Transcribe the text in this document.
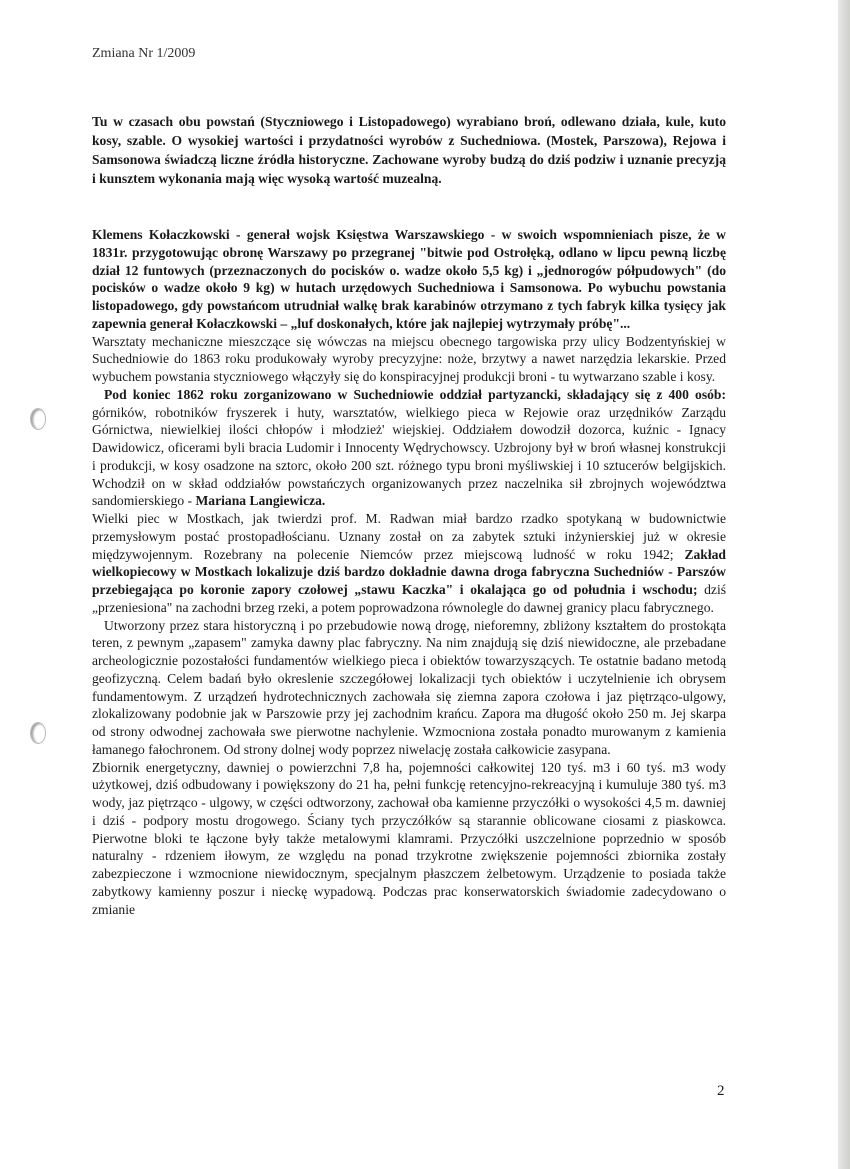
Zmiana Nr 1/2009
Tu w czasach obu powstań (Styczniowego i Listopadowego) wyrabiano broń, odlewano działa, kule, kuto kosy, szable. O wysokiej wartości i przydatności wyrobów z Suchedniowa. (Mostek, Parszowa), Rejowa i Samsonowa świadczą liczne źródła historyczne. Zachowane wyroby budzą do dziś podziw i uznanie precyzją i kunsztem wykonania mają więc wysoką wartość muzealną.

Klemens Kołaczkowski - generał wojsk Księstwa Warszawskiego - w swoich wspomnieniach pisze, że w 1831r. przygotowując obronę Warszawy po przegranej "bitwie pod Ostrołęką, odlano w lipcu pewną liczbę dział 12 funtowych (przeznaczonych do pocisków o. wadze około 5,5 kg) i „jednorogów półpudowych" (do pocisków o wadze około 9 kg) w hutach urzędowych Suchedniowa i Samsonowa. Po wybuchu powstania listopadowego, gdy powstańcom utrudniał walkę brak karabinów otrzymano z tych fabryk kilka tysięcy jak zapewnia generał Kołaczkowski – „luf doskonałych, które jak najlepiej wytrzymały próbę"...

Warsztaty mechaniczne mieszczące się wówczas na miejscu obecnego targowiska przy ulicy Bodzentyńskiej w Suchedniowie do 1863 roku produkowały wyroby precyzyjne: noże, brzytwy a nawet narzędzia lekarskie. Przed wybuchem powstania styczniowego włączyły się do konspiracyjnej produkcji broni - tu wytwarzano szable i kosy.

Pod koniec 1862 roku zorganizowano w Suchedniowie oddział partyzancki, składający się z 400 osób: górników, robotników fryszerek i huty, warsztatów, wielkiego pieca w Rejowie oraz urzędników Zarządu Górnictwa, niewielkiej ilości chłopów i młodzież' wiejskiej. Oddziałem dowodził dozorca, kuźnic - Ignacy Dawidowicz, oficerami byli bracia Ludomir i Innocenty Wędrychowscy. Uzbrojony był w broń własnej konstrukcji i produkcji, w kosy osadzone na sztorc, około 200 szt. różnego typu broni myśliwskiej i 10 sztucerów belgijskich. Wchodził on w skład oddziałów powstańczych organizowanych przez naczelnika sił zbrojnych województwa sandomierskiego - Mariana Langiewicza.

Wielki piec w Mostkach, jak twierdzi prof. M. Radwan miał bardzo rzadko spotykaną w budownictwie przemysłowym postać prostopadłościanu. Uznany został on za zabytek sztuki inżynierskiej już w okresie międzywojennym. Rozebrany na polecenie Niemców przez miejscową ludność w roku 1942; Zakład wielkopiecowy w Mostkach lokalizuje dziś bardzo dokładnie dawna droga fabryczna Suchedniów - Parszów przebiegająca po koronie zapory czołowej „stawu Kaczka" i okalająca go od południa i wschodu; dziś „przeniesiona" na zachodni brzeg rzeki, a potem poprowadzona równolegle do dawnej granicy placu fabrycznego.

Utworzony przez stara historyczną i po przebudowie nową drogę, nieforemny, zbliżony kształtem do prostokąta teren, z pewnym „zapasem" zamyka dawny plac fabryczny. Na nim znajdują się dziś niewidoczne, ale przebadane archeologicznie pozostałości fundamentów wielkiego pieca i obiektów towarzyszących. Te ostatnie badano metodą geofizyczną. Celem badań było okreslenie szczegółowej lokalizacji tych obiektów i uczytelnienie ich obrysem fundamentowym. Z urządzeń hydrotechnicznych zachowała się ziemna zapora czołowa i jaz piętrząco-ulgowy, zlokalizowany podobnie jak w Parszowie przy jej zachodnim krańcu. Zapora ma długość około 250 m. Jej skarpa od strony odwodnej zachowała swe pierwotne nachylenie. Wzmocniona została ponadto murowanym z kamienia łamanego fałochronem. Od strony dolnej wody poprzez niwelację została całkowicie zasypana.

Zbiornik energetyczny, dawniej o powierzchni 7,8 ha, pojemności całkowitej 120 tyś. m3 i 60 tyś. m3 wody użytkowej, dziś odbudowany i powiększony do 21 ha, pełni funkcję retencyjno-rekreacyjną i kumuluje 380 tyś. m3 wody, jaz piętrząco - ulgowy, w części odtworzony, zachował oba kamienne przyczółki o wysokości 4,5 m. dawniej i dziś - podpory mostu drogowego. Ściany tych przyczółków są starannie oblicowane ciosami z piaskowca. Pierwotne bloki te łączone były także metalowymi klamrami. Przyczółki uszczelnione poprzednio w sposób naturalny - rdzeniem iłowym, ze względu na ponad trzykrotne zwiększenie pojemności zbiornika zostały zabezpieczone i wzmocnione niewidocznym, specjalnym płaszczem żelbetowym. Urządzenie to posiada także zabytkowy kamienny poszur i nieckę wypadową. Podczas prac konserwatorskich świadomie zadecydowano o zmianie

2
